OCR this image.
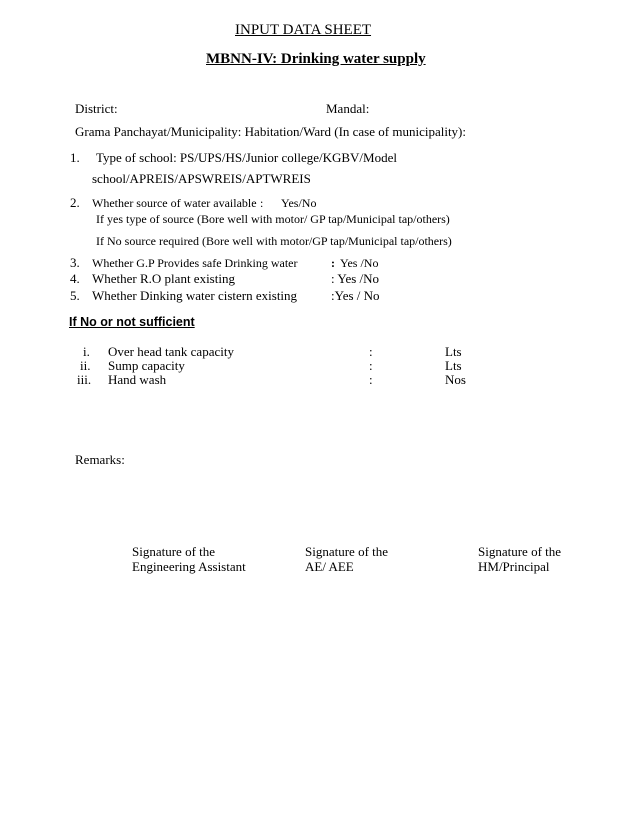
INPUT DATA SHEET
MBNN-IV: Drinking water supply
District:	Mandal:
Grama Panchayat/Municipality: Habitation/Ward (In case of municipality):
1. Type of school: PS/UPS/HS/Junior college/KGBV/Model
school/APREIS/APSWREIS/APTWREIS
2. Whether source of water available : Yes/No
If yes type of source (Bore well with motor/ GP tap/Municipal tap/others)
If No source required (Bore well with motor/GP tap/Municipal tap/others)
3. Whether G.P Provides safe Drinking water	: Yes /No
4. Whether R.O plant existing	: Yes /No
5. Whether Dinking water cistern existing	:Yes / No
If No or not sufficient
i. Over head tank capacity	:	Lts
ii. Sump capacity	:	Lts
iii. Hand wash	:	Nos
Remarks:
Signature of the
Engineering Assistant
Signature of the
AE/ AEE
Signature of the
HM/Principal
